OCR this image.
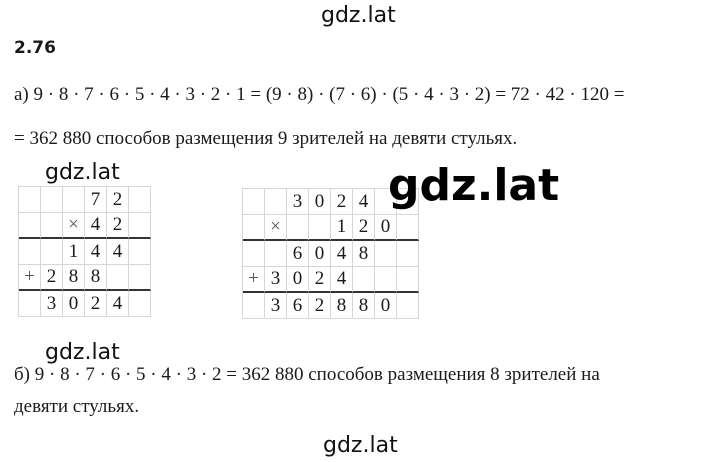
gdz.lat
2.76
а) 9 · 8 · 7 · 6 · 5 · 4 · 3 · 2 · 1 = (9 · 8) · (7 · 6) · (5 · 4 · 3 · 2) = 72 · 42 · 120 =
= 362 880 способов размещения 9 зрителей на девяти стульях.
7 2
× 4 2
1 4 4
+ 2 8 8
3 0 2 4
3 0 2 4
×	1 2 0
6 0 4 8
+ 3 0 2 4
3 6 2 8 8 0
gdz.lat	gdz.lat
gdz.lat
б) 9 · 8 · 7 · 6 · 5 · 4 · 3 · 2 = 362 880 способов размещения 8 зрителей на
девяти стульях.
gdz.lat
